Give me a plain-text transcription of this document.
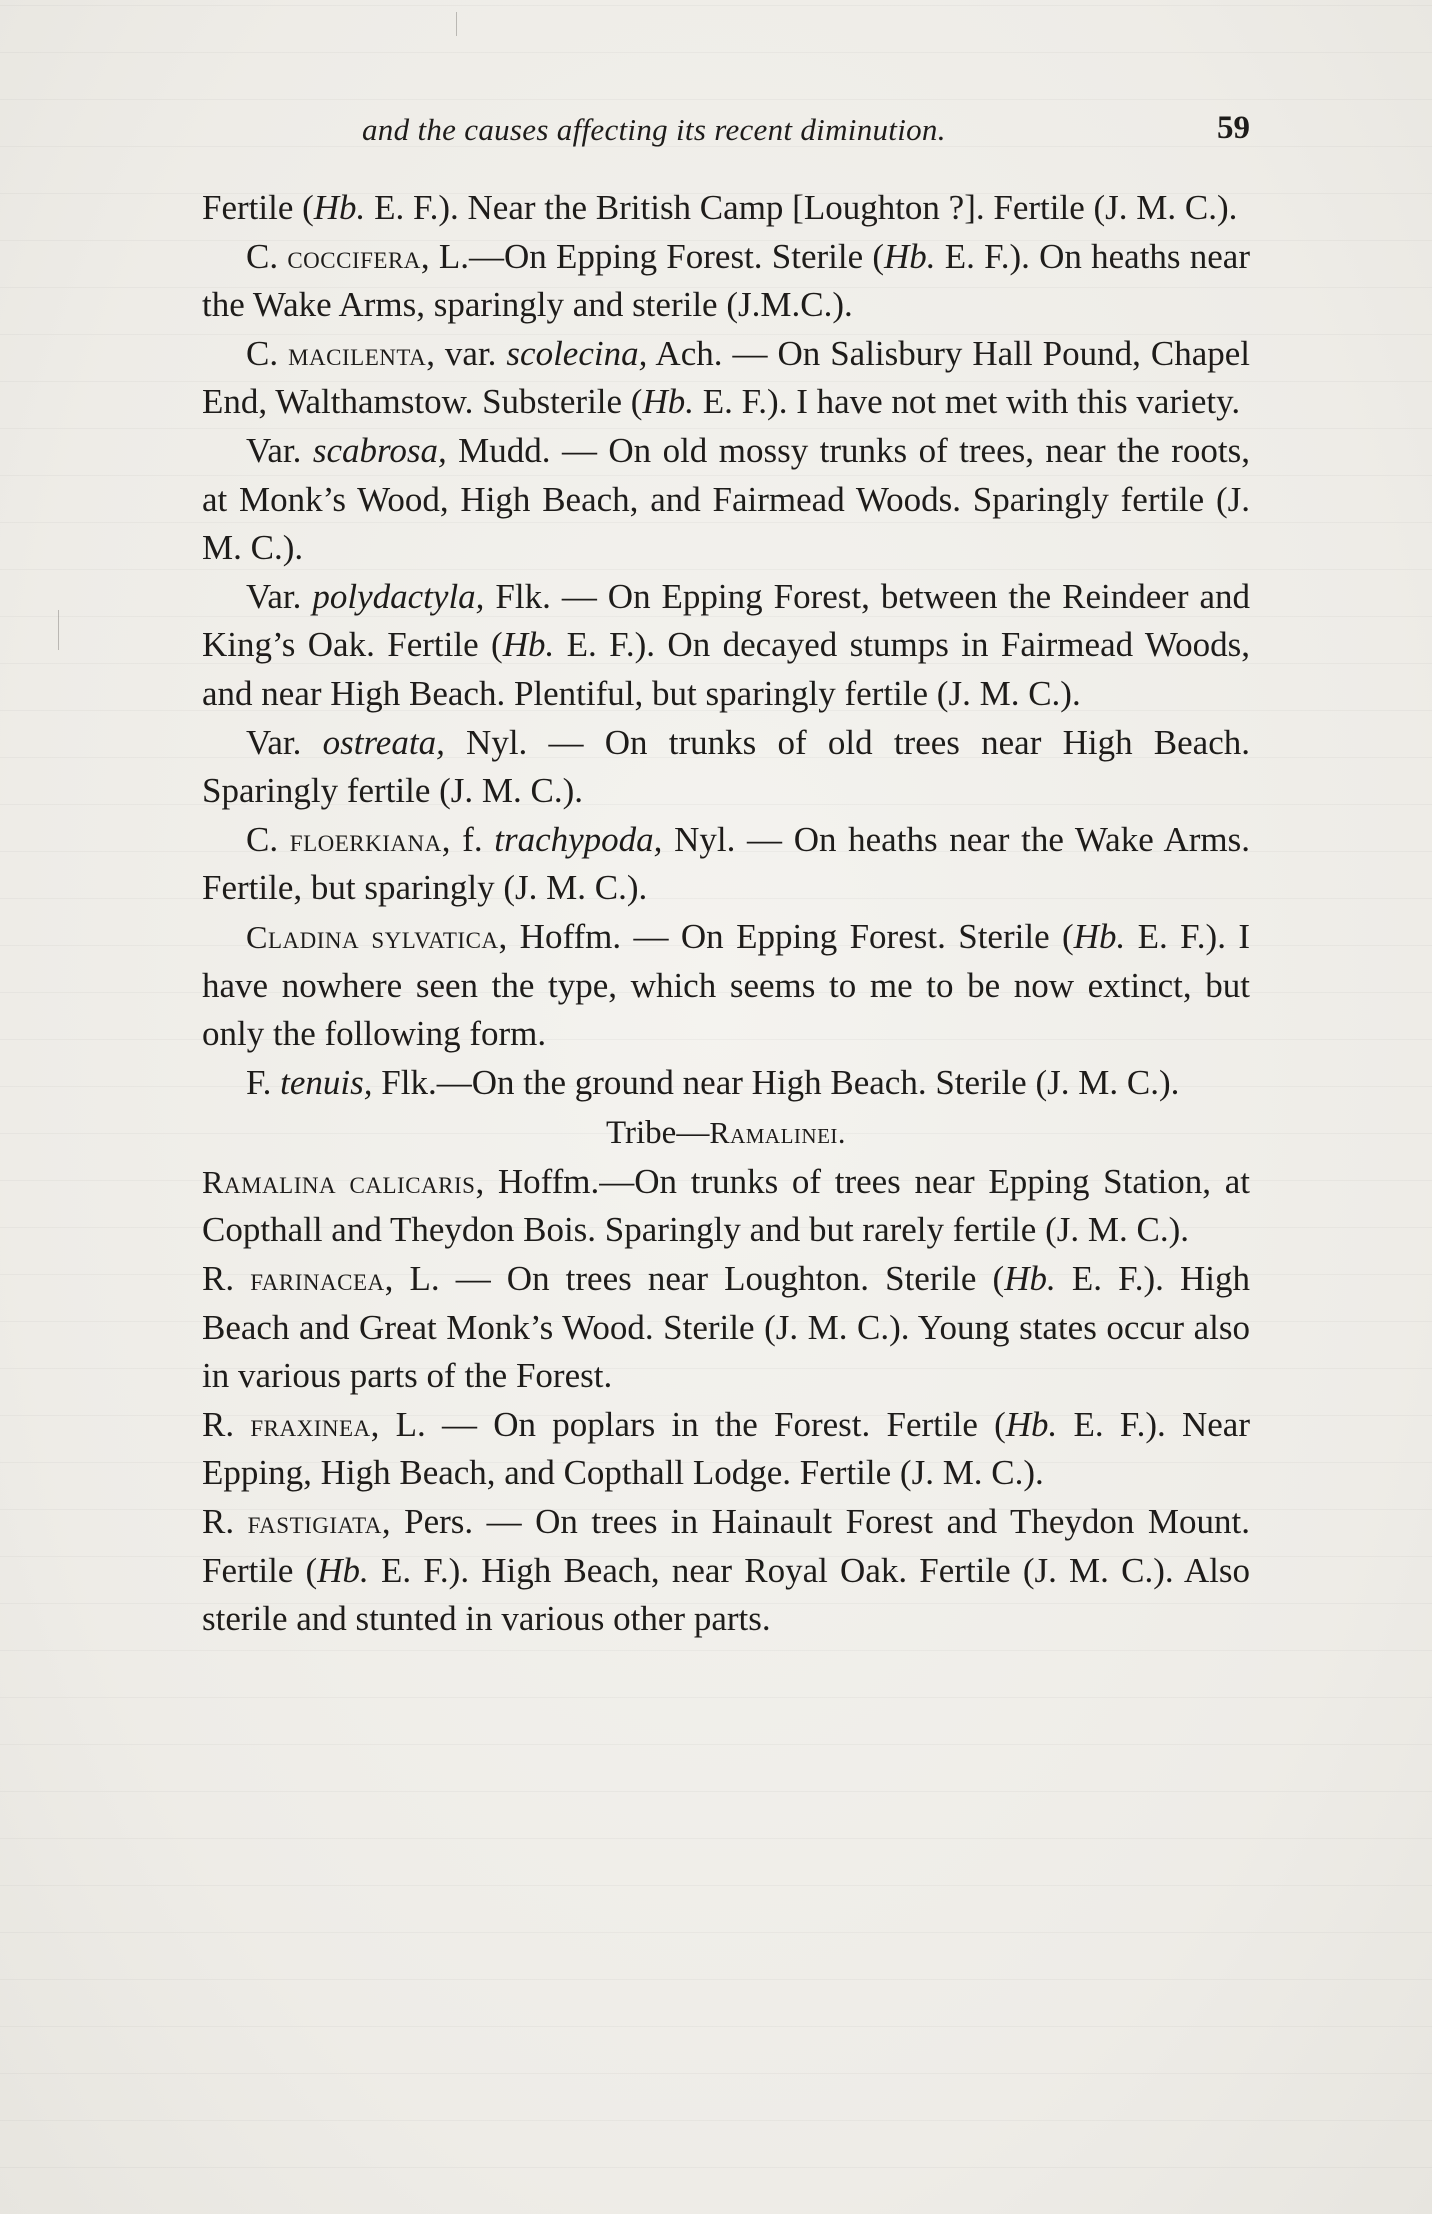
and the causes affecting its recent diminution.	59

Fertile (Hb. E. F.). Near the British Camp [Loughton ?]. Fertile (J. M. C.).

C. coccifera, L.—On Epping Forest. Sterile (Hb. E. F.). On heaths near the Wake Arms, sparingly and sterile (J.M.C.).

C. macilenta, var. scolecina, Ach. — On Salisbury Hall Pound, Chapel End, Walthamstow. Substerile (Hb. E. F.). I have not met with this variety.

Var. scabrosa, Mudd. — On old mossy trunks of trees, near the roots, at Monk’s Wood, High Beach, and Fairmead Woods. Sparingly fertile (J. M. C.).

Var. polydactyla, Flk. — On Epping Forest, between the Reindeer and King’s Oak. Fertile (Hb. E. F.). On decayed stumps in Fairmead Woods, and near High Beach. Plentiful, but sparingly fertile (J. M. C.).

Var. ostreata, Nyl. — On trunks of old trees near High Beach. Sparingly fertile (J. M. C.).

C. floerkiana, f. trachypoda, Nyl. — On heaths near the Wake Arms. Fertile, but sparingly (J. M. C.).

Cladina sylvatica, Hoffm. — On Epping Forest. Sterile (Hb. E. F.). I have nowhere seen the type, which seems to me to be now extinct, but only the following form.

F. tenuis, Flk.—On the ground near High Beach. Sterile (J. M. C.).

Tribe—Ramalinei.

Ramalina calicaris, Hoffm.—On trunks of trees near Epping Station, at Copthall and Theydon Bois. Sparingly and but rarely fertile (J. M. C.).

R. farinacea, L. — On trees near Loughton. Sterile (Hb. E. F.). High Beach and Great Monk’s Wood. Sterile (J. M. C.). Young states occur also in various parts of the Forest.

R. fraxinea, L. — On poplars in the Forest. Fertile (Hb. E. F.). Near Epping, High Beach, and Copthall Lodge. Fertile (J. M. C.).

R. fastigiata, Pers. — On trees in Hainault Forest and Theydon Mount. Fertile (Hb. E. F.). High Beach, near Royal Oak. Fertile (J. M. C.). Also sterile and stunted in various other parts.
